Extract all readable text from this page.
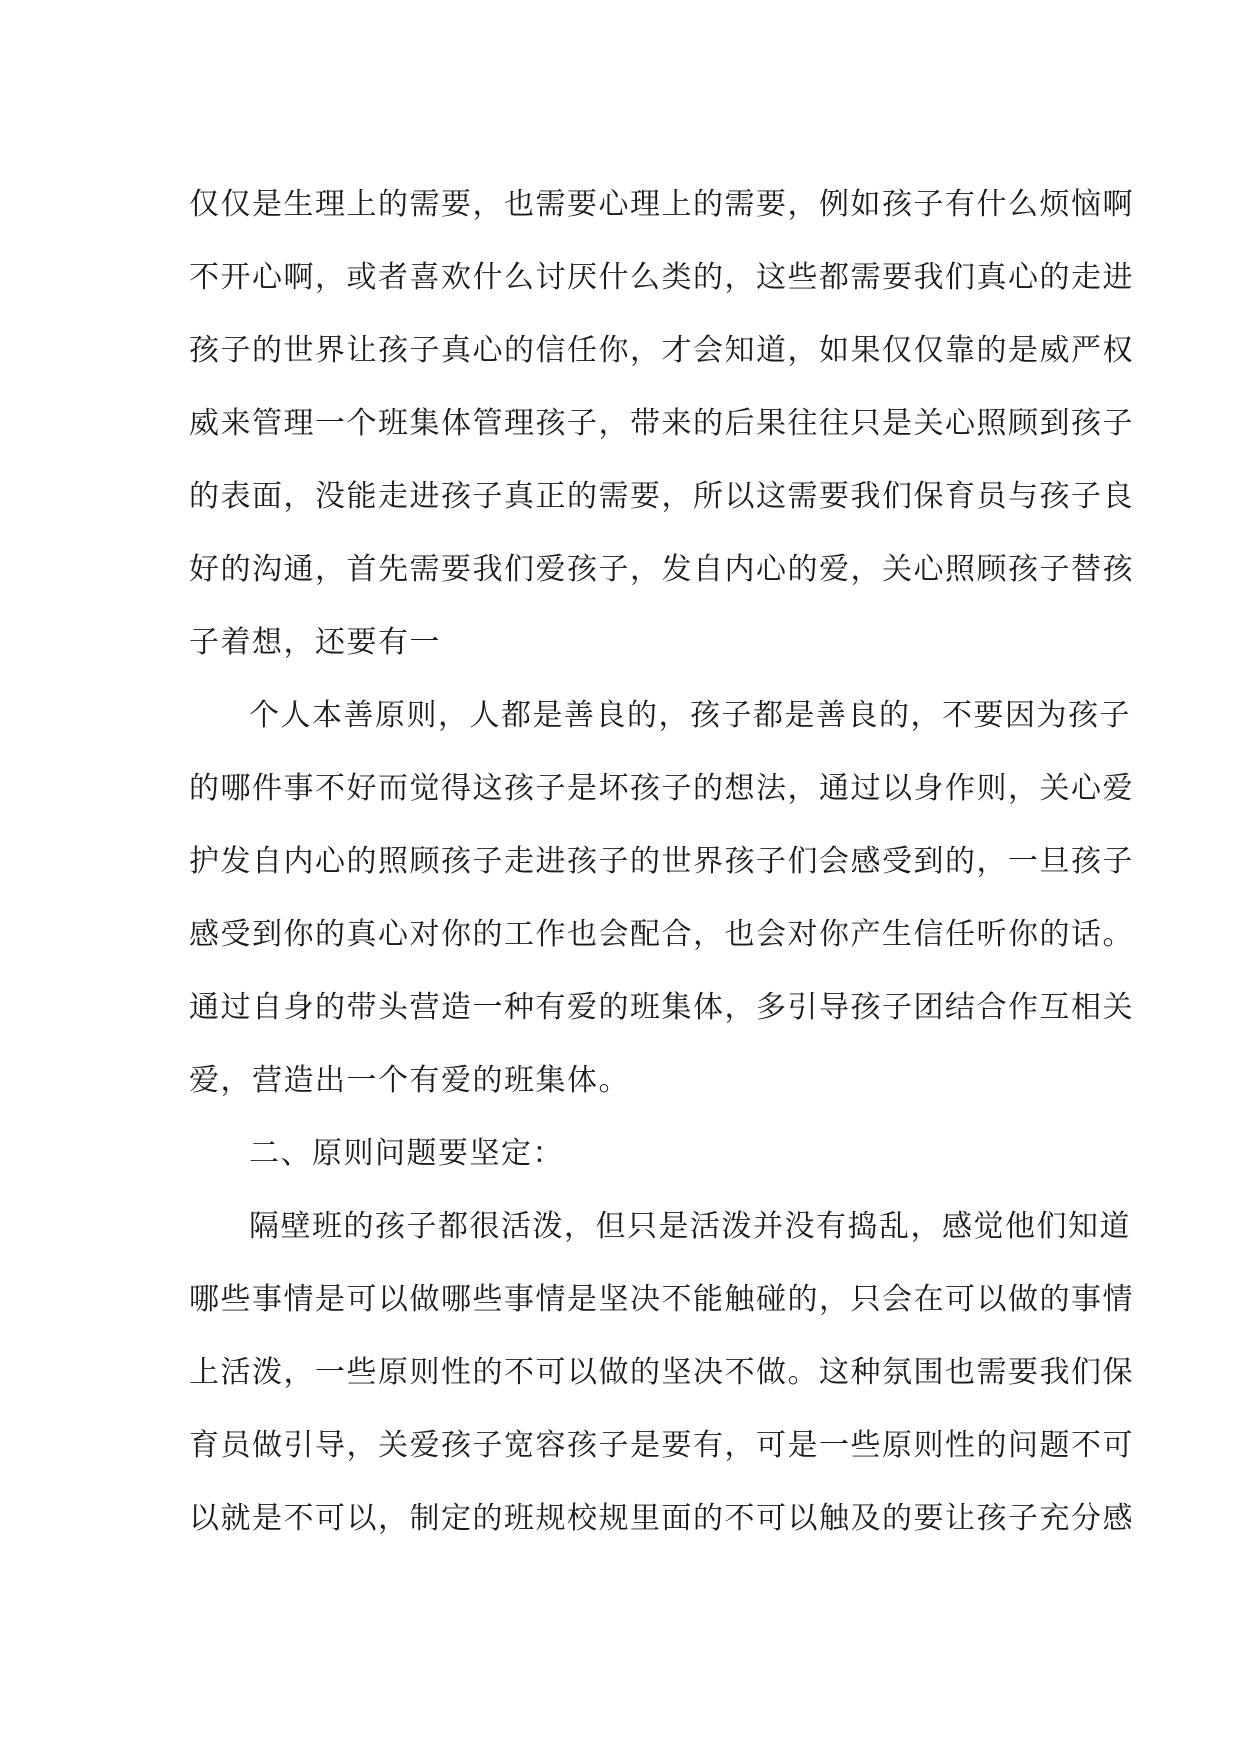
仅仅是生理上的需要，也需要心理上的需要，例如孩子有什么烦恼啊
不开心啊，或者喜欢什么讨厌什么类的，这些都需要我们真心的走进
孩子的世界让孩子真心的信任你，才会知道，如果仅仅靠的是威严权
威来管理一个班集体管理孩子，带来的后果往往只是关心照顾到孩子
的表面，没能走进孩子真正的需要，所以这需要我们保育员与孩子良
好的沟通，首先需要我们爱孩子，发自内心的爱，关心照顾孩子替孩
子着想，还要有一
个人本善原则，人都是善良的，孩子都是善良的，不要因为孩子
的哪件事不好而觉得这孩子是坏孩子的想法，通过以身作则，关心爱
护发自内心的照顾孩子走进孩子的世界孩子们会感受到的，一旦孩子
感受到你的真心对你的工作也会配合，也会对你产生信任听你的话。
通过自身的带头营造一种有爱的班集体，多引导孩子团结合作互相关
爱，营造出一个有爱的班集体。
二、原则问题要坚定：
隔壁班的孩子都很活泼，但只是活泼并没有捣乱，感觉他们知道
哪些事情是可以做哪些事情是坚决不能触碰的，只会在可以做的事情
上活泼，一些原则性的不可以做的坚决不做。这种氛围也需要我们保
育员做引导，关爱孩子宽容孩子是要有，可是一些原则性的问题不可
以就是不可以，制定的班规校规里面的不可以触及的要让孩子充分感
